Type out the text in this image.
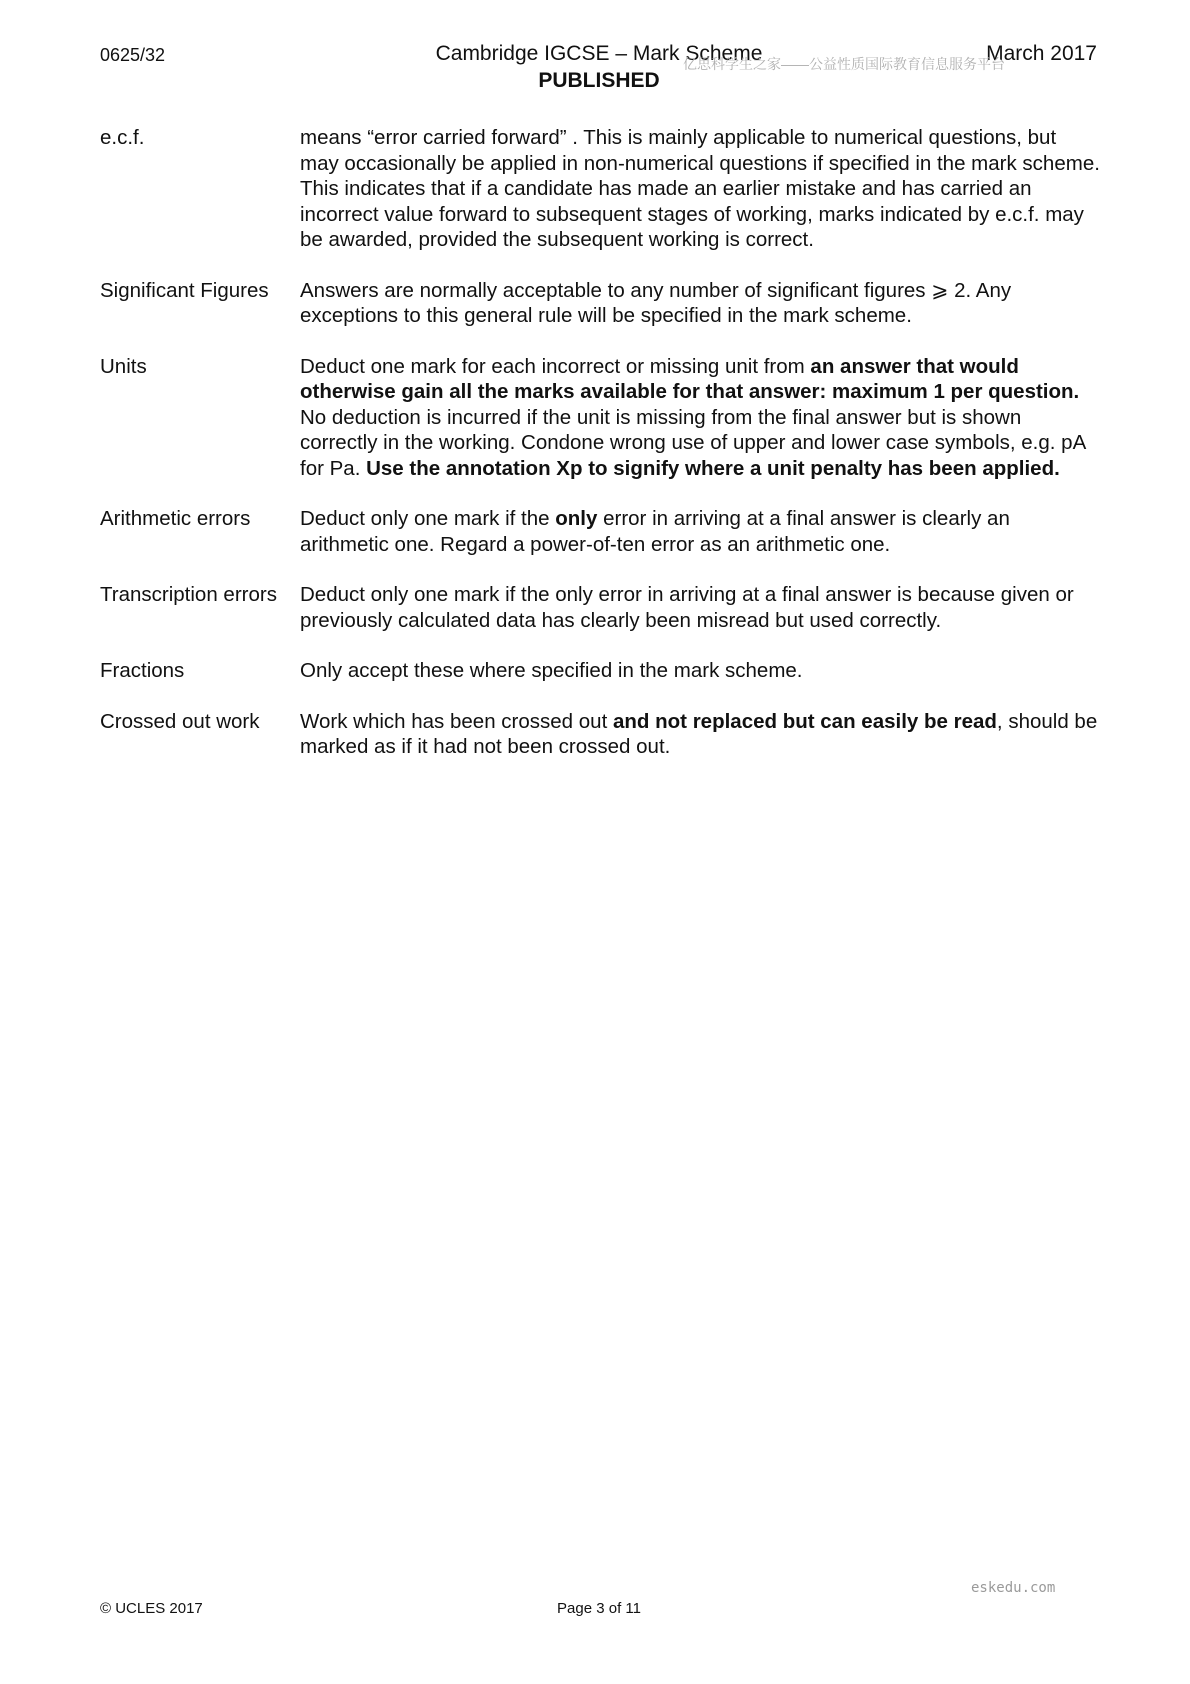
0625/32	Cambridge IGCSE – Mark Scheme	March 2017
PUBLISHED
亿思科学生之家——公益性质国际教育信息服务平台
e.c.f.	means “error carried forward” . This is mainly applicable to numerical questions, but may occasionally be applied in non-numerical questions if specified in the mark scheme.

This indicates that if a candidate has made an earlier mistake and has carried an incorrect value forward to subsequent stages of working, marks indicated by e.c.f. may be awarded, provided the subsequent working is correct.

Significant Figures	Answers are normally acceptable to any number of significant figures ⩾ 2. Any exceptions to this general rule will be specified in the mark scheme.

Units	Deduct one mark for each incorrect or missing unit from an answer that would otherwise gain all the marks available for that answer: maximum 1 per question. No deduction is incurred if the unit is missing from the final answer but is shown correctly in the working. Condone wrong use of upper and lower case symbols, e.g. pA for Pa. Use the annotation Xp to signify where a unit penalty has been applied.

Arithmetic errors	Deduct only one mark if the only error in arriving at a final answer is clearly an arithmetic one. Regard a power-of-ten error as an arithmetic one.

Transcription errors	Deduct only one mark if the only error in arriving at a final answer is because given or previously calculated data has clearly been misread but used correctly.

Fractions	Only accept these where specified in the mark scheme.

Crossed out work	Work which has been crossed out and not replaced but can easily be read, should be marked as if it had not been crossed out.

eskedu.com
© UCLES 2017	Page 3 of 11
